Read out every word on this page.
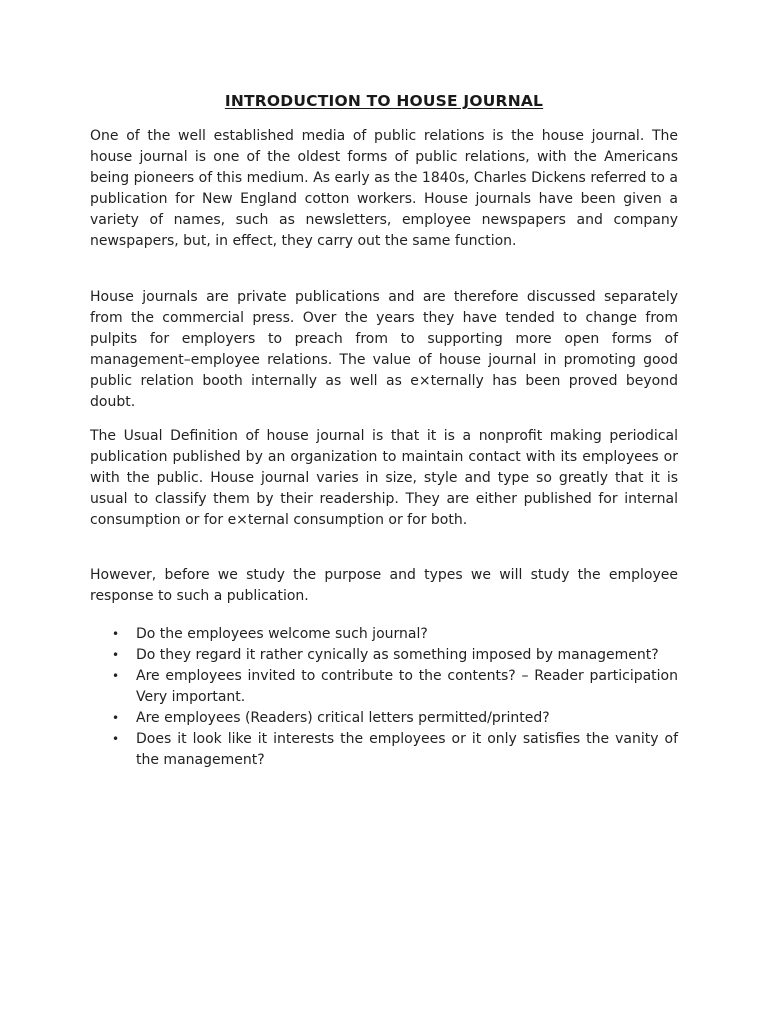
INTRODUCTION TO HOUSE JOURNAL

One of the well established media of public relations is the house journal. The house journal is one of the oldest forms of public relations, with the Americans being pioneers of this medium. As early as the 1840s, Charles Dickens referred to a publication for New England cotton workers. House journals have been given a variety of names, such as newsletters, employee newspapers and company newspapers, but, in effect, they carry out the same function.

House journals are private publications and are therefore discussed separately from the commercial press. Over the years they have tended to change from pulpits for employers to preach from to supporting more open forms of management–employee relations. The value of house journal in promoting good public relation booth internally as well as e×ternally has been proved beyond doubt.

The Usual Definition of house journal is that it is a nonprofit making periodical publication published by an organization to maintain contact with its employees or with the public. House journal varies in size, style and type so greatly that it is usual to classify them by their readership. They are either published for internal consumption or for e×ternal consumption or for both.

However, before we study the purpose and types we will study the employee response to such a publication.

• Do the employees welcome such journal?
• Do they regard it rather cynically as something imposed by management?
• Are employees invited to contribute to the contents? – Reader participation Very important.
• Are employees (Readers) critical letters permitted/printed?
• Does it look like it interests the employees or it only satisfies the vanity of the management?
